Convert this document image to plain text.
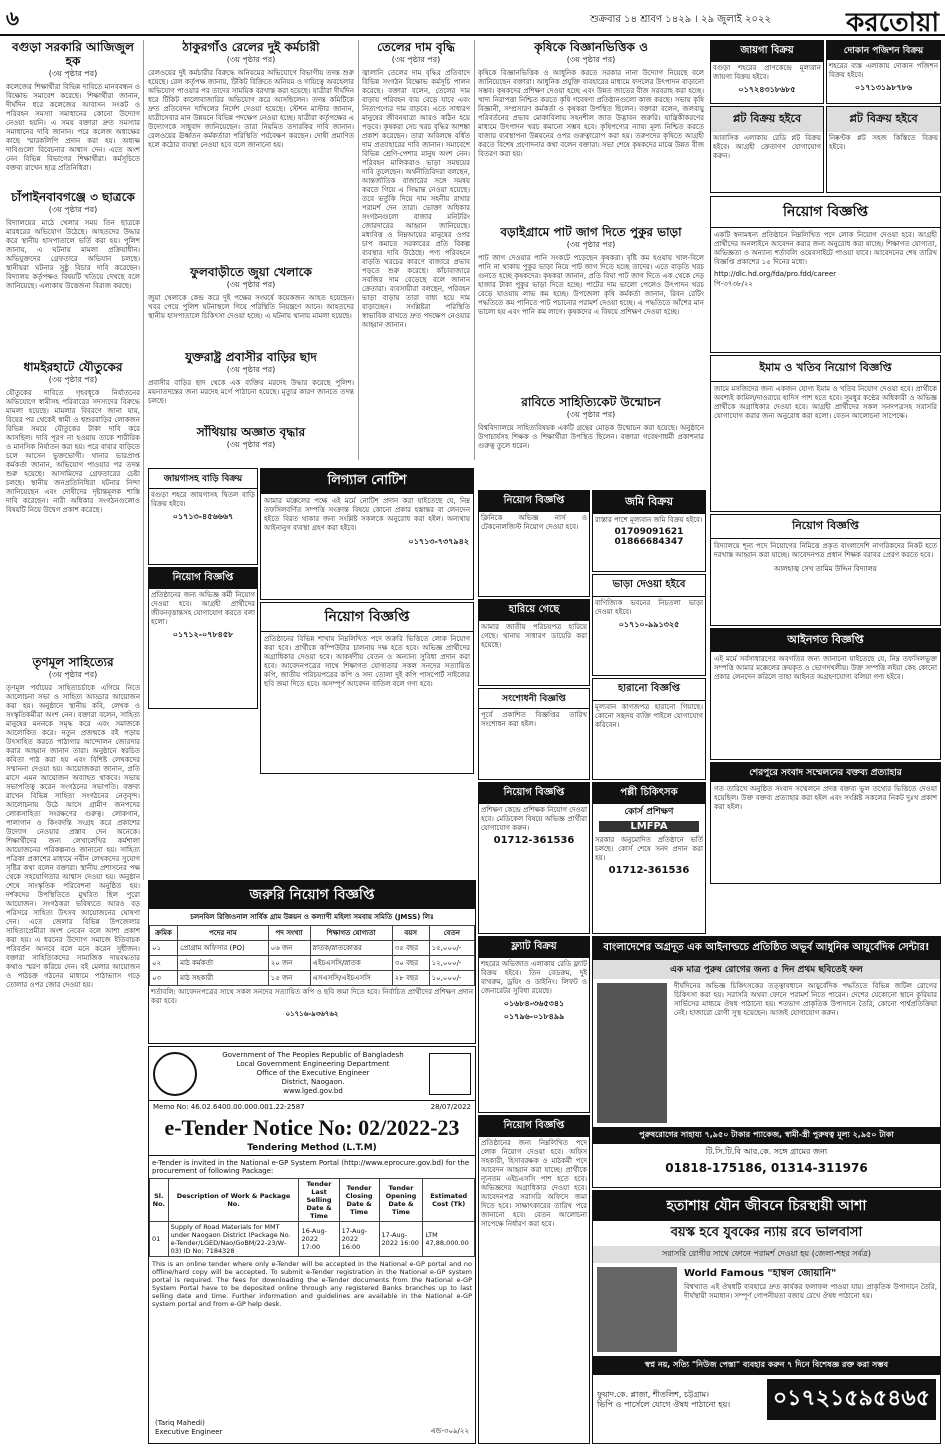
৬	শুক্রবার ১৪ শ্রাবণ ১৪২৯ । ২৯ জুলাই ২০২২	করতোয়া
বগুড়া সরকারি আজিজুল হক
(৩য় পৃষ্ঠার পর)
কলেজের শিক্ষার্থীরা বিভিন্ন দাবিতে মানববন্ধন ও বিক্ষোভ সমাবেশ করেছে। শিক্ষার্থীরা জানান, দীর্ঘদিন ধরে কলেজের আবাসন সংকট ও পরিবহন সমস্যা সমাধানের কোনো উদ্যোগ নেওয়া হয়নি। এ সময় বক্তারা দ্রুত সমস্যার সমাধানের দাবি জানান। পরে কলেজ অধ্যক্ষের কাছে স্মারকলিপি প্রদান করা হয়। অধ্যক্ষ দাবিগুলো বিবেচনার আশ্বাস দেন। এতে অংশ নেন বিভিন্ন বিভাগের শিক্ষার্থীরা। কর্মসূচিতে বক্তব্য রাখেন ছাত্র প্রতিনিধিরা।
চাঁপাইনবাবগঞ্জে ৩ ছাত্রকে
(৩য় পৃষ্ঠার পর)
বিদ্যালয়ের মাঠে খেলার সময় তিন ছাত্রকে মারধরের অভিযোগ উঠেছে। আহতদের উদ্ধার করে স্থানীয় হাসপাতালে ভর্তি করা হয়। পুলিশ জানায়, এ ঘটনায় মামলা প্রক্রিয়াধীন। অভিযুক্তদের গ্রেফতারে অভিযান চলছে। স্থানীয়রা ঘটনার সুষ্ঠু বিচার দাবি করেছেন। বিদ্যালয় কর্তৃপক্ষও বিষয়টি খতিয়ে দেখছে বলে জানিয়েছে। এলাকায় উত্তেজনা বিরাজ করছে।
ধামইরহাটে যৌতুকের
(৩য় পৃষ্ঠার পর)
যৌতুকের দাবিতে গৃহবধূকে নির্যাতনের অভিযোগে স্বামীসহ পরিবারের সদস্যদের বিরুদ্ধে মামলা হয়েছে। মামলার বিবরণে জানা যায়, বিয়ের পর থেকেই স্বামী ও শ্বশুরবাড়ির লোকজন বিভিন্ন সময়ে যৌতুকের টাকা দাবি করে আসছিল। দাবি পূরণ না হওয়ায় তাকে শারীরিক ও মানসিক নির্যাতন করা হয়। পরে বাবার বাড়িতে চলে আসেন ভুক্তভোগী। থানার ভারপ্রাপ্ত কর্মকর্তা জানান, অভিযোগ পাওয়ার পর তদন্ত শুরু হয়েছে। আসামিদের গ্রেফতারের চেষ্টা চলছে। স্থানীয় জনপ্রতিনিধিরা ঘটনার নিন্দা জানিয়েছেন এবং দোষীদের দৃষ্টান্তমূলক শাস্তি দাবি করেছেন। নারী অধিকার সংগঠনগুলোও বিষয়টি নিয়ে উদ্বেগ প্রকাশ করেছে।
তৃণমূল সাহিত্যের
(৩য় পৃষ্ঠার পর)
তৃণমূল পর্যায়ের সাহিত্যচর্চাকে এগিয়ে নিতে আলোচনা সভা ও সাহিত্য আড্ডার আয়োজন করা হয়। অনুষ্ঠানে স্থানীয় কবি, লেখক ও সংস্কৃতিকর্মীরা অংশ নেন। বক্তারা বলেন, সাহিত্য মানুষের মননকে সমৃদ্ধ করে এবং সমাজকে আলোকিত করে। নতুন প্রজন্মকে বই পড়ায় উৎসাহিত করতে পাঠাগার আন্দোলন জোরদার করার আহ্বান জানান তারা। অনুষ্ঠানে স্বরচিত কবিতা পাঠ করা হয় এবং বিশিষ্ট লেখকদের সম্মাননা দেওয়া হয়। আয়োজকরা জানান, প্রতি মাসে এমন আয়োজন অব্যাহত থাকবে। সভায় সভাপতিত্ব করেন সংগঠনের সভাপতি। বক্তব্য রাখেন বিভিন্ন সাহিত্য সংগঠনের নেতৃবৃন্দ। আলোচনায় উঠে আসে গ্রামীণ জনপদের লোকসাহিত্য সংরক্ষণের গুরুত্ব। লোকগান, পালাগান ও কিংবদন্তি সংগ্রহ করে প্রকাশের উদ্যোগ নেওয়ার প্রস্তাব দেন অনেকে। শিক্ষার্থীদের জন্য লেখালেখির কর্মশালা আয়োজনের পরিকল্পনাও জানানো হয়। সাহিত্য পত্রিকা প্রকাশের মাধ্যমে নবীন লেখকদের সুযোগ সৃষ্টির কথা বলেন বক্তারা। স্থানীয় প্রশাসনের পক্ষ থেকে সহযোগিতার আশ্বাস দেওয়া হয়। অনুষ্ঠান শেষে সাংস্কৃতিক পরিবেশনা অনুষ্ঠিত হয়। দর্শকদের উপস্থিতিতে মুখরিত ছিল পুরো আয়োজন। সংগঠকরা ভবিষ্যতে আরও বড় পরিসরে সাহিত্য উৎসব আয়োজনের ঘোষণা দেন। এতে জেলার বিভিন্ন উপজেলার সাহিত্যপ্রেমীরা অংশ নেবেন বলে আশা প্রকাশ করা হয়। এ ধরনের উদ্যোগ সমাজে ইতিবাচক পরিবর্তন আনবে বলে মনে করেন সুধীজন। বক্তারা সাহিত্যিকদের সামাজিক দায়বদ্ধতার কথাও স্মরণ করিয়ে দেন। বই মেলার আয়োজন ও পাঠচক্র গঠনের মাধ্যমে পাঠাভ্যাস গড়ে তোলার ওপর জোর দেওয়া হয়।
ঠাকুরগাঁও রেলের দুই কর্মচারী
(৩য় পৃষ্ঠার পর)
রেলওয়ের দুই কর্মচারীর বিরুদ্ধে অনিয়মের অভিযোগে বিভাগীয় তদন্ত শুরু হয়েছে। রেল কর্তৃপক্ষ জানায়, টিকিট বিক্রিতে অনিয়ম ও দায়িত্বে অবহেলার অভিযোগ পাওয়ার পর তাদের সাময়িক বরখাস্ত করা হয়েছে। যাত্রীরা দীর্ঘদিন ধরে টিকিট কালোবাজারির অভিযোগ করে আসছিলেন। তদন্ত কমিটিকে দ্রুত প্রতিবেদন দাখিলের নির্দেশ দেওয়া হয়েছে। স্টেশন মাস্টার জানান, যাত্রীসেবার মান উন্নয়নে বিভিন্ন পদক্ষেপ নেওয়া হচ্ছে। যাত্রীরা কর্তৃপক্ষের এ উদ্যোগকে সাধুবাদ জানিয়েছেন। তারা নিয়মিত তদারকির দাবি জানান। রেলওয়ের ঊর্ধ্বতন কর্মকর্তারা পরিস্থিতি পর্যবেক্ষণ করছেন। দোষী প্রমাণিত হলে কঠোর ব্যবস্থা নেওয়া হবে বলে জানানো হয়।
ফুলবাড়ীতে জুয়া খেলাকে
(৩য় পৃষ্ঠার পর)
জুয়া খেলাকে কেন্দ্র করে দুই পক্ষের সংঘর্ষে কয়েকজন আহত হয়েছেন। খবর পেয়ে পুলিশ ঘটনাস্থলে গিয়ে পরিস্থিতি নিয়ন্ত্রণে আনে। আহতদের স্থানীয় হাসপাতালে চিকিৎসা দেওয়া হচ্ছে। এ ঘটনায় থানায় মামলা হয়েছে।
যুক্তরাষ্ট্র প্রবাসীর বাড়ির ছাদ
(৩য় পৃষ্ঠার পর)
প্রবাসীর বাড়ির ছাদ থেকে এক ব্যক্তির মরদেহ উদ্ধার করেছে পুলিশ। ময়নাতদন্তের জন্য মরদেহ মর্গে পাঠানো হয়েছে। মৃত্যুর কারণ জানতে তদন্ত চলছে।
সাঁথিয়ায় অজ্ঞাত বৃদ্ধার
(৩য় পৃষ্ঠার পর)
তেলের দাম বৃদ্ধি
(৩য় পৃষ্ঠার পর)
জ্বালানি তেলের দাম বৃদ্ধির প্রতিবাদে বিভিন্ন সংগঠন বিক্ষোভ কর্মসূচি পালন করেছে। বক্তারা বলেন, তেলের দাম বাড়ায় পরিবহন ব্যয় বেড়ে যাবে এবং নিত্যপণ্যের দাম বাড়বে। এতে সাধারণ মানুষের জীবনযাত্রা আরও কঠিন হয়ে পড়বে। কৃষকরা সেচ খরচ বৃদ্ধির আশঙ্কা প্রকাশ করেছেন। তারা অবিলম্বে বর্ধিত দাম প্রত্যাহারের দাবি জানান। সমাবেশে বিভিন্ন শ্রেণি-পেশার মানুষ অংশ নেন। পরিবহন মালিকরাও ভাড়া সমন্বয়ের দাবি তুলেছেন। অর্থনীতিবিদরা বলছেন, আন্তর্জাতিক বাজারের সঙ্গে সমন্বয় করতে গিয়ে এ সিদ্ধান্ত নেওয়া হয়েছে। তবে ভর্তুকি দিয়ে দাম সহনীয় রাখার পরামর্শ দেন তারা। ভোক্তা অধিকার সংগঠনগুলো বাজার মনিটরিং জোরদারের আহ্বান জানিয়েছে। মধ্যবিত্ত ও নিম্নআয়ের মানুষের ওপর চাপ কমাতে সরকারের প্রতি বিকল্প ব্যবস্থার দাবি উঠেছে। পণ্য পরিবহনে বাড়তি খরচের কারণে বাজারে প্রভাব পড়তে শুরু করেছে। কাঁচাবাজারে সবজির দাম বেড়েছে বলে জানান ক্রেতারা। ব্যবসায়ীরা বলছেন, পরিবহন ভাড়া বাড়ায় তারা বাধ্য হয়ে দাম বাড়াচ্ছেন। সংশ্লিষ্টরা পরিস্থিতি স্বাভাবিক রাখতে দ্রুত পদক্ষেপ নেওয়ার আহ্বান জানান।
কৃষিকে বিজ্ঞানভিত্তিক ও
(৩য় পৃষ্ঠার পর)
কৃষিকে বিজ্ঞানভিত্তিক ও আধুনিক করতে সরকার নানা উদ্যোগ নিয়েছে বলে জানিয়েছেন বক্তারা। আধুনিক প্রযুক্তি ব্যবহারের মাধ্যমে ফসলের উৎপাদন বাড়ানো সম্ভব। কৃষকদের প্রশিক্ষণ দেওয়া হচ্ছে এবং উন্নত জাতের বীজ সরবরাহ করা হচ্ছে। খাদ্য নিরাপত্তা নিশ্চিত করতে কৃষি গবেষণা প্রতিষ্ঠানগুলো কাজ করছে। সভায় কৃষি বিজ্ঞানী, সম্প্রসারণ কর্মকর্তা ও কৃষকরা উপস্থিত ছিলেন। বক্তারা বলেন, জলবায়ু পরিবর্তনের প্রভাব মোকাবিলায় সহনশীল জাত উদ্ভাবন জরুরি। যান্ত্রিকীকরণের মাধ্যমে উৎপাদন খরচ কমানো সম্ভব হবে। কৃষিপণ্যের ন্যায্য মূল্য নিশ্চিত করতে বাজার ব্যবস্থাপনা উন্নয়নের ওপর গুরুত্বারোপ করা হয়। তরুণদের কৃষিতে আগ্রহী করতে বিশেষ প্রণোদনার কথা বলেন বক্তারা। সভা শেষে কৃষকদের মাঝে উন্নত বীজ বিতরণ করা হয়।
বড়াইগ্রামে পাট জাগ দিতে পুকুর ভাড়া
(৩য় পৃষ্ঠার পর)
পাট জাগ দেওয়ার পানি সংকটে পড়েছেন কৃষকরা। বৃষ্টি কম হওয়ায় খাল-বিলে পানি না থাকায় পুকুর ভাড়া নিয়ে পাট জাগ দিতে হচ্ছে তাদের। এতে বাড়তি খরচ গুনতে হচ্ছে কৃষকদের। কৃষকরা জানান, প্রতি বিঘা পাট জাগ দিতে এক থেকে দেড় হাজার টাকা পুকুর ভাড়া দিতে হচ্ছে। পাটের দাম ভালো পেলেও উৎপাদন খরচ বেড়ে যাওয়ায় লাভ কম হচ্ছে। উপজেলা কৃষি কর্মকর্তা জানান, রিবন রেটিং পদ্ধতিতে কম পানিতে পাট পচানোর পরামর্শ দেওয়া হচ্ছে। এ পদ্ধতিতে আঁশের মান ভালো হয় এবং পানি কম লাগে। কৃষকদের এ বিষয়ে প্রশিক্ষণ দেওয়া হচ্ছে।
রাবিতে সাহিত্যিকেট উন্মোচন
(৩য় পৃষ্ঠার পর)
বিশ্ববিদ্যালয়ে সাহিত্যবিষয়ক একটি গ্রন্থের মোড়ক উন্মোচন করা হয়েছে। অনুষ্ঠানে উপাচার্যসহ শিক্ষক ও শিক্ষার্থীরা উপস্থিত ছিলেন। বক্তারা গবেষণাধর্মী প্রকাশনার গুরুত্ব তুলে ধরেন।
জায়গা বিক্রয়
বগুড়া শহরের প্রাণকেন্দ্রে মূল্যবান জায়গা বিক্রয় হইবে।
০১৭২৪৩১৮৬৮৫
দোকান পজিশন বিক্রয়
শহরের ব্যস্ত এলাকায় দোকান পজিশন বিক্রয় হইবে।
০১৭১৩১৯৮৭৮৬
প্লট বিক্রয় হইবে
আবাসিক এলাকায় রেডি প্লট বিক্রয় হইবে। আগ্রহী ক্রেতাগণ যোগাযোগ করুন।
প্লট বিক্রয় হইবে
নিষ্কণ্টক প্লট সহজ কিস্তিতে বিক্রয় হইবে।
নিয়োগ বিজ্ঞপ্তি
একটি স্বনামধন্য প্রতিষ্ঠানে নিম্নলিখিত পদে লোক নিয়োগ দেওয়া হবে। আগ্রহী প্রার্থীদের অনলাইনে আবেদন করার জন্য অনুরোধ করা যাচ্ছে। শিক্ষাগত যোগ্যতা, অভিজ্ঞতা ও অন্যান্য শর্তাবলি ওয়েবসাইটে পাওয়া যাবে। আবেদনের শেষ তারিখ বিজ্ঞপ্তি প্রকাশের ১৫ দিনের মধ্যে।
http://dlc.hd.org/fda/pro.fdd/career
পি-৩৭৩৮/২২
ইমাম ও খতিব নিয়োগ বিজ্ঞপ্তি
জামে মসজিদের জন্য একজন যোগ্য ইমাম ও খতিব নিয়োগ দেওয়া হবে। প্রার্থীকে অবশ্যই কামিল/দাওরায়ে হাদিস পাশ হতে হবে। সুমধুর কণ্ঠের অধিকারী ও অভিজ্ঞ প্রার্থীকে অগ্রাধিকার দেওয়া হবে। আগ্রহী প্রার্থীদের সকল সনদপত্রসহ সরাসরি যোগাযোগ করার জন্য অনুরোধ করা হলো। বেতন আলোচনা সাপেক্ষে।
নিয়োগ বিজ্ঞপ্তি
বিদ্যালয়ে শূন্য পদে নিয়োগের নিমিত্তে প্রকৃত বাংলাদেশি নাগরিকদের নিকট হতে দরখাস্ত আহ্বান করা যাচ্ছে। আবেদনপত্র প্রধান শিক্ষক বরাবর প্রেরণ করতে হবে।
আলহাজ্ব সেখ তামিম উদ্দিন বিদ্যালয়
আইনগত বিজ্ঞপ্তি
এই মর্মে সর্বসাধারণের অবগতির জন্য জানানো যাইতেছে যে, নিম্ন তফসিলভুক্ত সম্পত্তি আমার মক্কেলের ক্রয়কৃত ও ভোগদখলীয়। উক্ত সম্পত্তি লইয়া কেহ কোনো প্রকার লেনদেন করিলে তাহা আইনত অগ্রহণযোগ্য বলিয়া গণ্য হইবে।
শেরপুরে সংবাদ সম্মেলনের বক্তব্য প্রত্যাহার
গত তারিখে অনুষ্ঠিত সংবাদ সম্মেলনে প্রদত্ত বক্তব্য ভুল তথ্যের ভিত্তিতে দেওয়া হয়েছিল। উক্ত বক্তব্য প্রত্যাহার করা হইল এবং সংশ্লিষ্ট সকলের নিকট দুঃখ প্রকাশ করা হইল।
জায়গাসহ বাড়ি বিক্রয়
বগুড়া শহরে জায়গাসহ দ্বিতল বাড়ি বিক্রয় হইবে।
০১৭১৩-৪৫৬৬৬৭
নিয়োগ বিজ্ঞপ্তি
প্রতিষ্ঠানের জন্য অভিজ্ঞ কর্মী নিয়োগ দেওয়া হবে। আগ্রহী প্রার্থীদের জীবনবৃত্তান্তসহ যোগাযোগ করতে বলা হলো।
০১৭১২-০৭৮৪৫৮
লিগ্যাল নোটিশ
আমার মক্কেলের পক্ষে এই মর্মে নোটিশ প্রদান করা যাইতেছে যে, নিম্ন তফসিলবর্ণিত সম্পত্তি সংক্রান্ত বিষয়ে কোনো প্রকার হস্তান্তর বা লেনদেন হইতে বিরত থাকার জন্য সংশ্লিষ্ট সকলকে অনুরোধ করা হইল। অন্যথায় আইনানুগ ব্যবস্থা গ্রহণ করা হইবে।
০১৭১৩-৭৩৭৯৪২
নিয়োগ বিজ্ঞপ্তি
প্রতিষ্ঠানের বিভিন্ন শাখায় নিম্নলিখিত পদে জরুরি ভিত্তিতে লোক নিয়োগ করা হবে। প্রার্থীকে কম্পিউটার চালনায় দক্ষ হতে হবে। অভিজ্ঞ প্রার্থীদের অগ্রাধিকার দেওয়া হবে। আকর্ষণীয় বেতন ও অন্যান্য সুবিধা প্রদান করা হবে। আবেদনপত্রের সাথে শিক্ষাগত যোগ্যতার সকল সনদের সত্যায়িত কপি, জাতীয় পরিচয়পত্রের কপি ও সদ্য তোলা দুই কপি পাসপোর্ট সাইজের ছবি জমা দিতে হবে। অসম্পূর্ণ আবেদন বাতিল বলে গণ্য হবে।
নিয়োগ বিজ্ঞপ্তি
ক্লিনিকে অভিজ্ঞ নার্স ও টেকনোলজিস্ট নিয়োগ দেওয়া হবে।
জমি বিক্রয়
রাস্তার পাশে মূল্যবান জমি বিক্রয় হইবে।
01709091621
01866684347
ভাড়া দেওয়া হইবে
বাণিজ্যিক ভবনের নিচতলা ভাড়া দেওয়া হইবে।
০১৭১০-৯৯১৩২৫
হারিয়ে গেছে
আমার জাতীয় পরিচয়পত্র হারিয়ে গেছে। থানায় সাধারণ ডায়েরি করা হয়েছে।
হারানো বিজ্ঞপ্তি
মূল্যবান কাগজপত্র হারানো গিয়াছে। কোনো সহৃদয় ব্যক্তি পাইলে যোগাযোগ করিবেন।
সংশোধনী বিজ্ঞপ্তি
পূর্বে প্রকাশিত বিজ্ঞপ্তির তারিখ সংশোধন করা হইল।
পল্লী চিকিৎসক
কোর্স প্রশিক্ষণ
LMFPA
সরকার অনুমোদিত প্রতিষ্ঠানে ভর্তি চলছে। কোর্স শেষে সনদ প্রদান করা হয়।
01712-361536
নিয়োগ বিজ্ঞপ্তি
প্রশিক্ষণ কেন্দ্রে প্রশিক্ষক নিয়োগ দেওয়া হবে। মেডিকেল বিষয়ে অভিজ্ঞ প্রার্থীরা যোগাযোগ করুন।
01712-361536
ফ্ল্যাট বিক্রয়
শহরের অভিজাত এলাকায় রেডি ফ্ল্যাট বিক্রয় হইবে। তিন বেডরুম, দুই বাথরুম, ড্রয়িং ও ডাইনিং। লিফট ও জেনারেটর সুবিধা রয়েছে।
০১৬৮৪-৩৬৫৩৪১
০১৭৯৬-০১৮৪৯৯
নিয়োগ বিজ্ঞপ্তি
প্রতিষ্ঠানের জন্য নিম্নলিখিত পদে লোক নিয়োগ দেওয়া হবে। অফিস সহকারী, হিসাবরক্ষক ও মাঠকর্মী পদে আবেদন আহ্বান করা যাচ্ছে। প্রার্থীকে ন্যূনতম এইচএসসি পাশ হতে হবে। অভিজ্ঞদের অগ্রাধিকার দেওয়া হবে। আবেদনপত্র সরাসরি অফিসে জমা দিতে হবে। সাক্ষাৎকারের তারিখ পরে জানানো হবে। বেতন আলোচনা সাপেক্ষে নির্ধারণ করা হবে।
জরুরি নিয়োগ বিজ্ঞপ্তি
চলনবিল রিজিওনাল সার্বিক গ্রাম উন্নয়ন ও কল্যাণী মহিলা সমবায় সমিতি (JMSS) লিঃ
ক্রমিক	পদের নাম	পদ সংখ্যা	শিক্ষাগত যোগ্যতা	বয়স	বেতন
০১	প্রোগ্রাম অফিসার (PO)	০৬ জন	স্নাতক/স্নাতকোত্তর	৩৫ বছর	১৫,০০০/-
০২	মাঠ কর্মকর্তা	২০ জন	এইচএসসি/স্নাতক	৩০ বছর	১২,০০০/-
০৩	মাঠ সহকারী	১৫ জন	এসএসসি/এইচএসসি	২৮ বছর	১০,০০০/-
শর্তাবলি: আবেদনপত্রের সাথে সকল সনদের সত্যায়িত কপি ও ছবি জমা দিতে হবে। নির্বাচিত প্রার্থীদের প্রশিক্ষণ প্রদান করা হবে।
০১৭১৬-৯৩৬৭৬২
Government of The Peoples Republic of Bangladesh
Local Government Engineering Department
Office of the Executive Engineer
District, Naogaon.
www.lged.gov.bd
Memo No: 46.02.6400.00.000.001.22-2587	28/07/2022
e-Tender Notice No: 02/2022-23
Tendering Method (L.T.M)
e-Tender is invited in the National e-GP System Portal (http://www.eprocure.gov.bd) for the procurement of following Package:
Sl. No.	Description of Work & Package No.	Tender Last Selling Date & Time	Tender Closing Date & Time	Tender Opening Date & Time	Estimated Cost (Tk)
01	Supply of Road Materials for MMT under Naogaon District (Package No. e-Tender/LGED/Nao/GoBM/22-23/W-03) ID No: 7184328	16-Aug-2022 17:00	17-Aug-2022 16:00	17-Aug-2022 16:00	LTM 47,88,000.00
This is an online tender where only e-Tender will be accepted in the National e-GP portal and no offline/hard copy will be accepted. To submit e-Tender registration in the National e-GP system portal is required. The fees for downloading the e-Tender documents from the National e-GP System Portal have to be deposited online through any registered Banks branches up to last selling date and time. Further information and guidelines are available in the National e-GP system portal and from e-GP help desk.
(Tariq Mahedi)
Executive Engineer	এন্ড-৩০৯/২২
বাংলাদেশের অগ্রদূত এক আইনাল্ডচে প্রতিষ্ঠিত অভূর্ব আধুনিক আয়ুর্বেদিক সেন্টার!
এক মাত্র পুরুষ রোগের জন্য ৫ দিন প্রথম ছবিতেই ফল
দীর্ঘদিনের অভিজ্ঞ চিকিৎসকের তত্ত্বাবধানে আয়ুর্বেদিক পদ্ধতিতে বিভিন্ন জটিল রোগের চিকিৎসা করা হয়। সরাসরি অথবা ফোনে পরামর্শ নিতে পারেন। দেশের যেকোনো স্থানে কুরিয়ার সার্ভিসের মাধ্যমে ঔষধ পাঠানো হয়। শতভাগ প্রাকৃতিক উপাদানে তৈরি, কোনো পার্শ্বপ্রতিক্রিয়া নেই। হাজারো রোগী সুস্থ হয়েছেন। আজই যোগাযোগ করুন।
পুরুষরোগের সাহায্য ৭,৯৫০ টাকার প্যাকেজ, স্বামী-স্ত্রী পুরুষত্ব মূল্য ২,৯৫০ টাকা
টি.সি.টি.বি আর.কে. সঙ্গে গ্রামের জন্য
01818-175186, 01314-311976
হতাশায় যৌন জীবনে চিরস্থায়ী আশা
বয়স্ক হবে যুবকের ন্যায় রবে ভালবাসা
সরাসরি রোগীর সাথে ফোনে পরামর্শ দেওয়া হয় (জেলা-শহর সর্বত্র)
World Famous "হাম্বল জোয়ানি"
বিশ্বখ্যাত এই ঔষধটি ব্যবহারে দ্রুত কার্যকর ফলাফল পাওয়া যায়। প্রাকৃতিক উপাদানে তৈরি, দীর্ঘস্থায়ী সমাধান। সম্পূর্ণ গোপনীয়তা বজায় রেখে ঔষধ পাঠানো হয়।
স্বপ্ন নয়, সত্যি "নিউজ পেস্তা" ব্যবহার করুন ৭ দিনে বিশেষজ্ঞ রক্ত করা সম্ভব
ফুয়াদ.কে. প্লাজা, শীতলিশ, চট্টগ্রাম।
ভিপি ও পার্সেলে যোগে ঔষধ পাঠানো হয়। ০১৭২১৫৯৫৪৬৫
